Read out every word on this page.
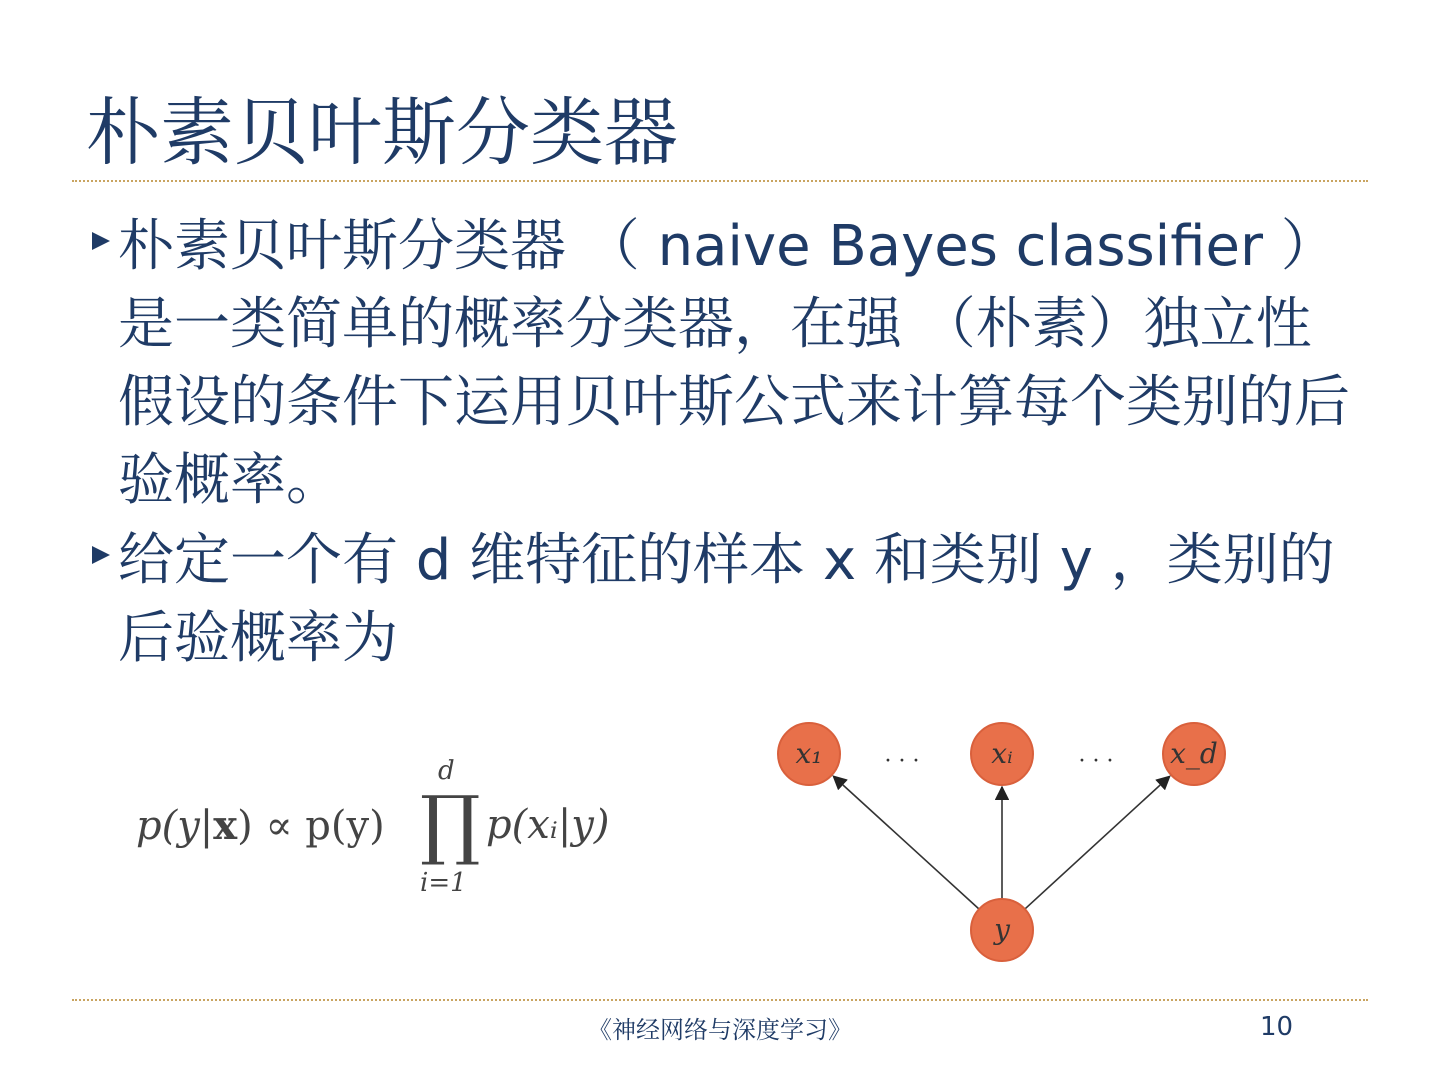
朴素贝叶斯分类器
朴素贝叶斯分类器 （ naive Bayes classifier ） 是一类简单的概率分类器，在强 （朴素）独立性假设的条件下运用贝叶斯公式来计算每个类别的后验概率。
给定一个有 d 维特征的样本 x 和类别 y ，类别的后验概率为
p(y|x) ∝ p(y)
d
∏
i=1
p(xᵢ|y)
x₁	xᵢ	x_d
y
· · ·	· · ·
《神经网络与深度学习》	10
